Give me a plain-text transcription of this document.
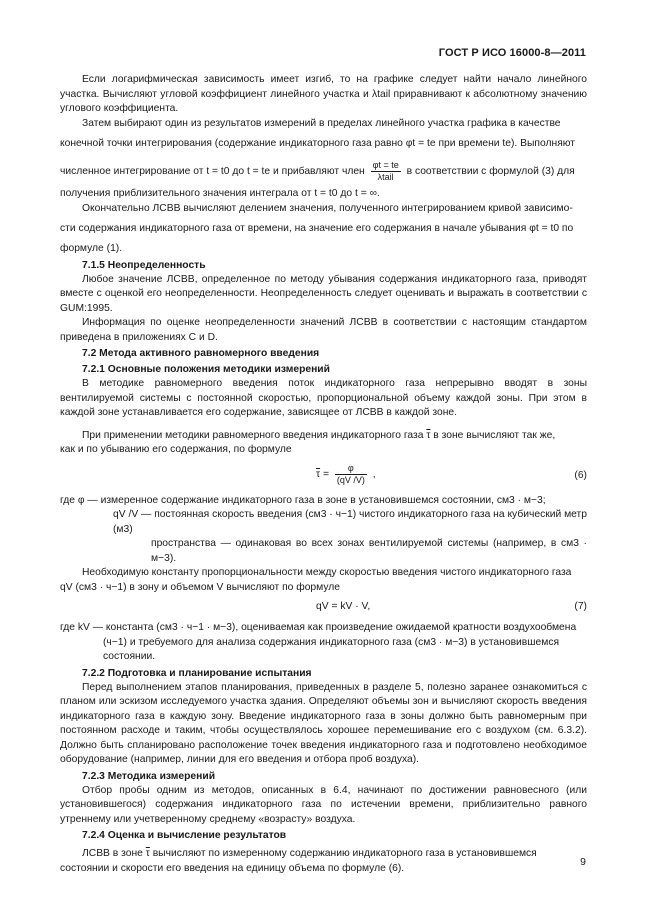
ГОСТ Р ИСО 16000-8—2011

Если логарифмическая зависимость имеет изгиб, то на графике следует найти начало линейного участка. Вычисляют угловой коэффициент линейного участка и λtail приравнивают к абсолютному значению углового коэффициента.

Затем выбирают один из результатов измерений в пределах линейного участка графика в качестве

конечной точки интегрирования (содержание индикаторного газа равно φt = te при времени te). Выполняют

численное интегрирование от t = t0 до t = te и прибавляют член $\frac{\varphi t = te}{\text{λtail}}$ в соответствии с формулой (3) для

получения приблизительного значения интеграла от t = t0 до t = ∞.

Окончательно ЛСВВ вычисляют делением значения, полученного интегрированием кривой зависимо-

сти содержания индикаторного газа от времени, на значение его содержания в начале убывания φt = t0 по

формуле (1).

7.1.5 Неопределенность

Любое значение ЛСВВ, определенное по методу убывания содержания индикаторного газа, приводят вместе с оценкой его неопределенности. Неопределенность следует оценивать и выражать в соответствии с GUM:1995.

Информация по оценке неопределенности значений ЛСВВ в соответствии с настоящим стандартом приведена в приложениях С и D.

7.2 Метода активного равномерного введения

7.2.1 Основные положения методики измерений

В методике равномерного введения поток индикаторного газа непрерывно вводят в зоны вентилируемой системы с постоянной скоростью, пропорциональной объему каждой зоны. При этом в каждой зоне устанавливается его содержание, зависящее от ЛСВВ в каждой зоне.

При применении методики равномерного введения индикаторного газа $\overline{\tau}$ в зоне вычисляют так же,

как и по убыванию его содержания, по формуле

$\overline{\tau} = \frac{\varphi}{(qV /V)}$ ,	(6)

где φ — измеренное содержание индикаторного газа в зоне в установившемся состоянии, см3 · м−3;

qV /V — постоянная скорость введения (см3 · ч−1) чистого индикаторного газа на кубический метр (м3)

пространства — одинаковая во всех зонах вентилируемой системы (например, в см3 · м−3).

Необходимую константу пропорциональности между скоростью введения чистого индикаторного газа

qV (см3 · ч−1) в зону и объемом V вычисляют по формуле

qV = kV · V,	(7)

где kV — константа (см3 · ч−1 · м−3), оцениваемая как произведение ожидаемой кратности воздухообмена

(ч−1) и требуемого для анализа содержания индикаторного газа (см3 · м−3) в установившемся

состоянии.

7.2.2 Подготовка и планирование испытания

Перед выполнением этапов планирования, приведенных в разделе 5, полезно заранее ознакомиться с планом или эскизом исследуемого участка здания. Определяют объемы зон и вычисляют скорость введения индикаторного газа в каждую зону. Введение индикаторного газа в зоны должно быть равномерным при постоянном расходе и таким, чтобы осуществлялось хорошее перемешивание его с воздухом (см. 6.3.2). Должно быть спланировано расположение точек введения индикаторного газа и подготовлено необходимое оборудование (например, линии для его введения и отбора проб воздуха).

7.2.3 Методика измерений

Отбор пробы одним из методов, описанных в 6.4, начинают по достижении равновесного (или установившегося) содержания индикаторного газа по истечении времени, приблизительно равного утреннему или учетверенному среднему «возрасту» воздуха.

7.2.4 Оценка и вычисление результатов

ЛСВВ в зоне $\overline{\tau}$ вычисляют по измеренному содержанию индикаторного газа в установившемся

состоянии и скорости его введения на единицу объема по формуле (6).	9
